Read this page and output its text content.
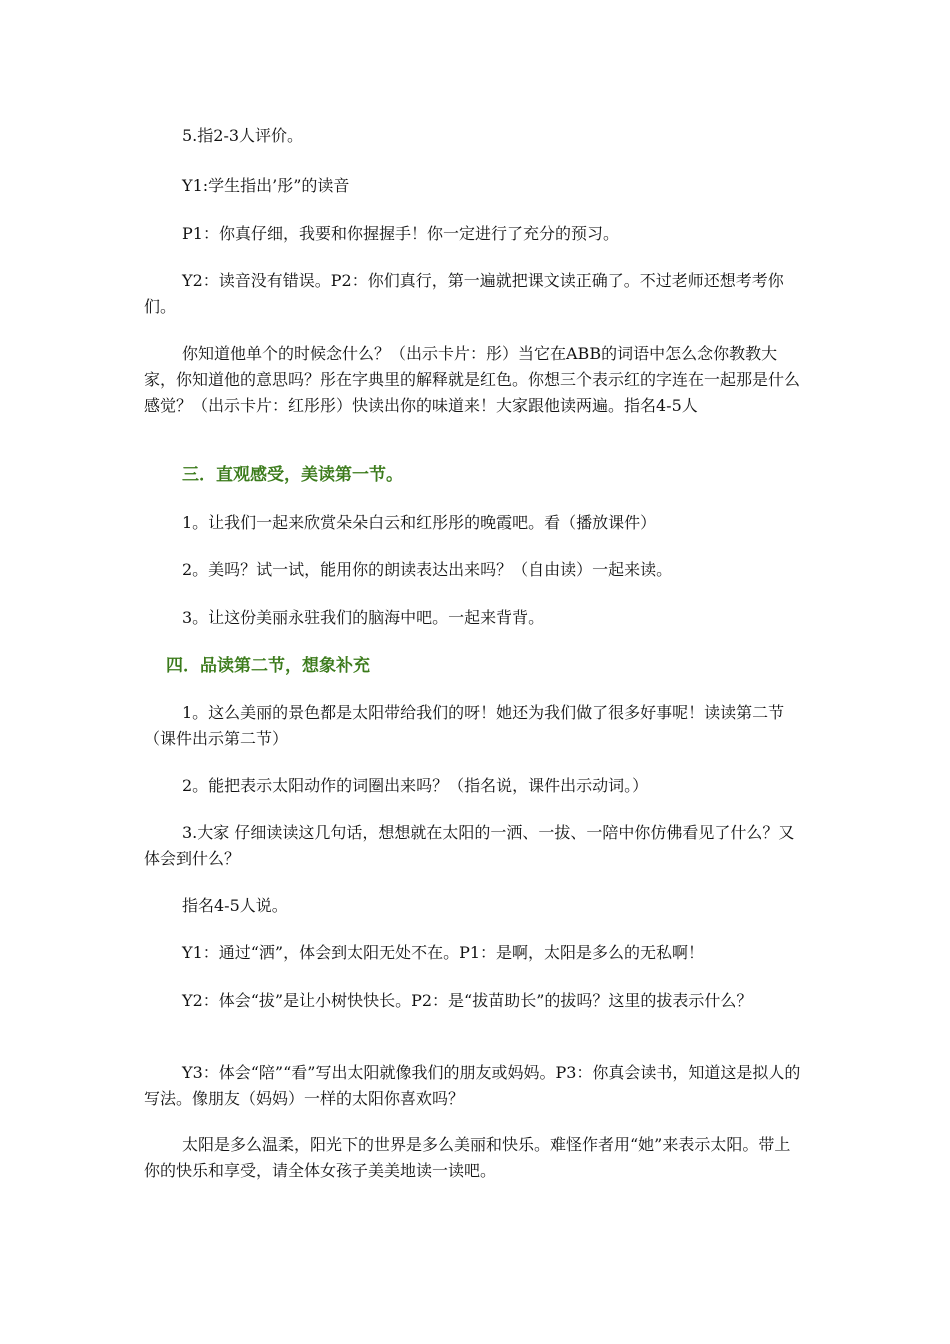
5.指2-3人评价。

Y1:学生指出’彤”的读音

P1：你真仔细，我要和你握握手！你一定进行了充分的预习。

Y2：读音没有错误。P2：你们真行，第一遍就把课文读正确了。不过老师还想考考你们。

你知道他单个的时候念什么？（出示卡片：彤）当它在ABB的词语中怎么念你教教大家，你知道他的意思吗？彤在字典里的解释就是红色。你想三个表示红的字连在一起那是什么感觉？（出示卡片：红彤彤）快读出你的味道来！大家跟他读两遍。指名4-5人

三．直观感受，美读第一节。

1。让我们一起来欣赏朵朵白云和红彤彤的晚霞吧。看（播放课件）

2。美吗？试一试，能用你的朗读表达出来吗？（自由读）一起来读。

3。让这份美丽永驻我们的脑海中吧。一起来背背。

四．品读第二节，想象补充

1。这么美丽的景色都是太阳带给我们的呀！她还为我们做了很多好事呢！读读第二节（课件出示第二节）

2。能把表示太阳动作的词圈出来吗？（指名说，课件出示动词。）

3.大家 仔细读读这几句话，想想就在太阳的一洒、一拔、一陪中你仿佛看见了什么？又体会到什么？

指名4-5人说。

Y1：通过“洒”，体会到太阳无处不在。P1：是啊，太阳是多么的无私啊！

Y2：体会“拔”是让小树快快长。P2：是“拔苗助长”的拔吗？这里的拔表示什么？

Y3：体会“陪”“看”写出太阳就像我们的朋友或妈妈。P3：你真会读书，知道这是拟人的写法。像朋友（妈妈）一样的太阳你喜欢吗？

太阳是多么温柔，阳光下的世界是多么美丽和快乐。难怪作者用“她”来表示太阳。带上你的快乐和享受，请全体女孩子美美地读一读吧。
